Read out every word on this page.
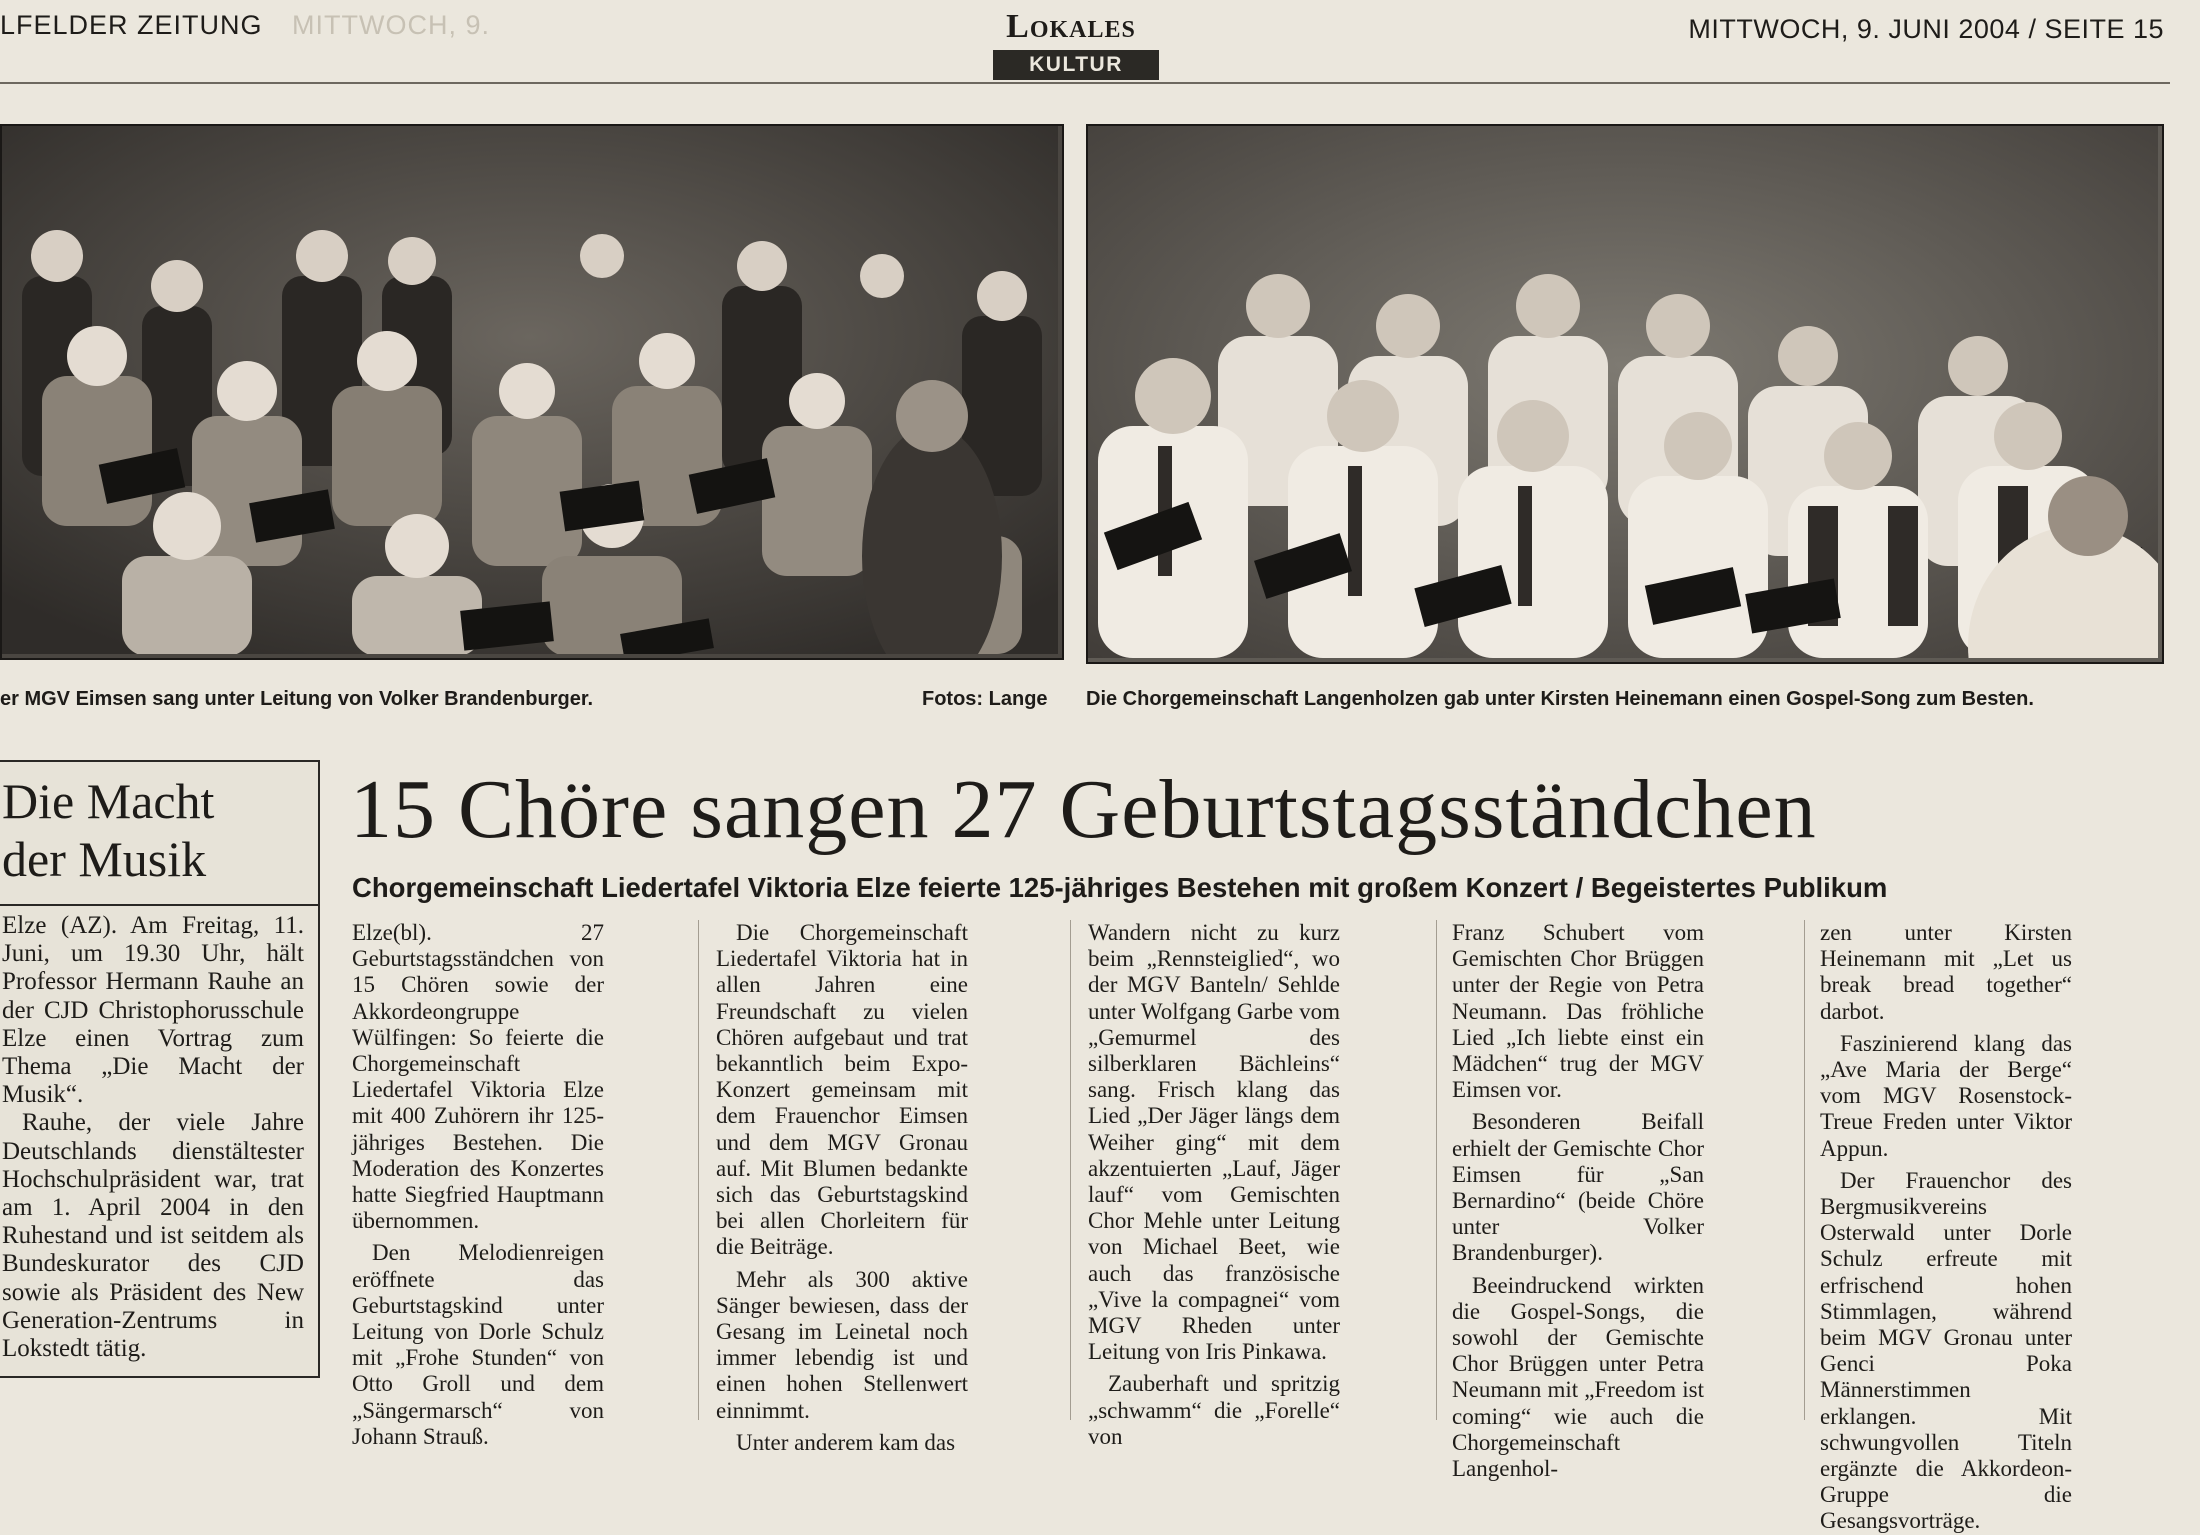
LFELDER ZEITUNG MITTWOCH, 9.	Lokales
KULTUR
MITTWOCH, 9. JUNI 2004 / SEITE 15
er MGV Eimsen sang unter Leitung von Volker Brandenburger.	Fotos: Lange Die Chorgemeinschaft Langenholzen gab unter Kirsten Heinemann einen Gospel-Song zum Besten.
Die Macht
der Musik
Elze (AZ). Am Freitag, 11. Juni, um 19.30 Uhr, hält Professor Hermann Rauhe an der CJD Christophorusschule Elze einen Vortrag zum Thema „Die Macht der Musik“.
Rauhe, der viele Jahre Deutschlands dienstältester Hochschulpräsident war, trat am 1. April 2004 in den Ruhestand und ist seitdem als Bundeskurator des CJD sowie als Präsident des New Generation-Zentrums in Lokstedt tätig.
15 Chöre sangen 27 Geburtstagsständchen
Chorgemeinschaft Liedertafel Viktoria Elze feierte 125-jähriges Bestehen mit großem Konzert / Begeistertes Publikum

Elze(bl). 27 Geburtstagsständchen von 15 Chören sowie der Akkordeongruppe Wülfingen: So feierte die Chorgemeinschaft Liedertafel Viktoria Elze mit 400 Zuhörern ihr 125-jähriges Bestehen. Die Moderation des Konzertes hatte Siegfried Hauptmann übernommen.

Den Melodienreigen eröffnete das Geburtstagskind unter Leitung von Dorle Schulz mit „Frohe Stunden“ von Otto Groll und dem „Sängermarsch“ von Johann Strauß.

Die Chorgemeinschaft Liedertafel Viktoria hat in allen Jahren eine Freundschaft zu vielen Chören aufgebaut und trat bekanntlich beim Expo-Konzert gemeinsam mit dem Frauenchor Eimsen und dem MGV Gronau auf. Mit Blumen bedankte sich das Geburtstagskind bei allen Chorleitern für die Beiträge.

Mehr als 300 aktive Sänger bewiesen, dass der Gesang im Leinetal noch immer lebendig ist und einen hohen Stellenwert einnimmt.

Unter anderem kam das

Wandern nicht zu kurz beim „Rennsteiglied“, wo der MGV Banteln/ Sehlde unter Wolfgang Garbe vom „Gemurmel des silberklaren Bächleins“ sang. Frisch klang das Lied „Der Jäger längs dem Weiher ging“ mit dem akzentuierten „Lauf, Jäger lauf“ vom Gemischten Chor Mehle unter Leitung von Michael Beet, wie auch das französische „Vive la compagnei“ vom MGV Rheden unter Leitung von Iris Pinkawa.

Zauberhaft und spritzig „schwamm“ die „Forelle“ von

Franz Schubert vom Gemischten Chor Brüggen unter der Regie von Petra Neumann. Das fröhliche Lied „Ich liebte einst ein Mädchen“ trug der MGV Eimsen vor.

Besonderen Beifall erhielt der Gemischte Chor Eimsen für „San Bernardino“ (beide Chöre unter Volker Brandenburger).

Beeindruckend wirkten die Gospel-Songs, die sowohl der Gemischte Chor Brüggen unter Petra Neumann mit „Freedom ist coming“ wie auch die Chorgemeinschaft Langenhol-

zen unter Kirsten Heinemann mit „Let us break bread together“ darbot.

Faszinierend klang das „Ave Maria der Berge“ vom MGV Rosenstock-Treue Freden unter Viktor Appun.

Der Frauenchor des Bergmusikvereins Osterwald unter Dorle Schulz erfreute mit erfrischend hohen Stimmlagen, während beim MGV Gronau unter Genci Poka Männerstimmen erklangen. Mit schwungvollen Titeln ergänzte die Akkordeon-Gruppe die Gesangsvorträge.
